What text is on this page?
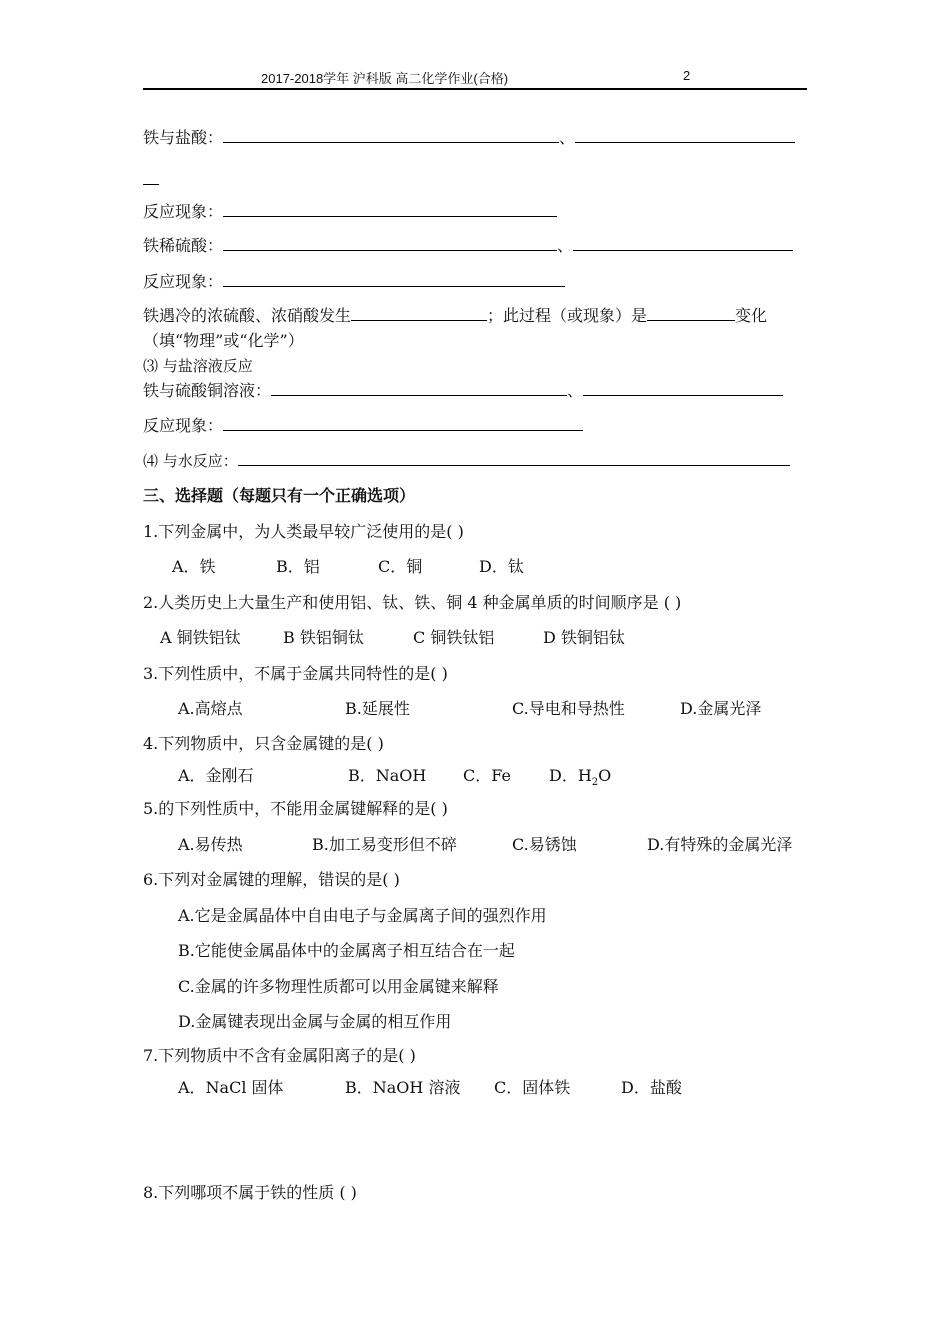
2017-2018学年 沪科版 高二化学作业(合格)	2
铁与盐酸：	、
反应现象：
铁稀硫酸：	、
反应现象：
铁遇冷的浓硫酸、浓硝酸发生	；此过程（或现象）是	变化
（填“物理”或“化学”）
⑶ 与盐溶液反应
铁与硫酸铜溶液：	、
反应现象：
⑷ 与水反应：
三、选择题（每题只有一个正确选项）
1.下列金属中，为人类最早较广泛使用的是( )
A．铁	B．铝	C．铜	D．钛
2.人类历史上大量生产和使用铝、钛、铁、铜 4 种金属单质的时间顺序是 ( )
A 铜铁铝钛	B 铁铝铜钛	C 铜铁钛铝	D 铁铜铝钛
3.下列性质中，不属于金属共同特性的是( )
A.高熔点	B.延展性	C.导电和导热性	D.金属光泽
4.下列物质中，只含金属键的是( )
A．金刚石	B．NaOH C．Fe D．$H_2O$
5.的下列性质中，不能用金属键解释的是( )
A.易传热	B.加工易变形但不碎	C.易锈蚀	D.有特殊的金属光泽
6.下列对金属键的理解，错误的是( )
A.它是金属晶体中自由电子与金属离子间的强烈作用
B.它能使金属晶体中的金属离子相互结合在一起
C.金属的许多物理性质都可以用金属键来解释
D.金属键表现出金属与金属的相互作用
7.下列物质中不含有金属阳离子的是( )
A．NaCl 固体	B．NaOH 溶液 C．固体铁	D．盐酸
8.下列哪项不属于铁的性质 ( )
